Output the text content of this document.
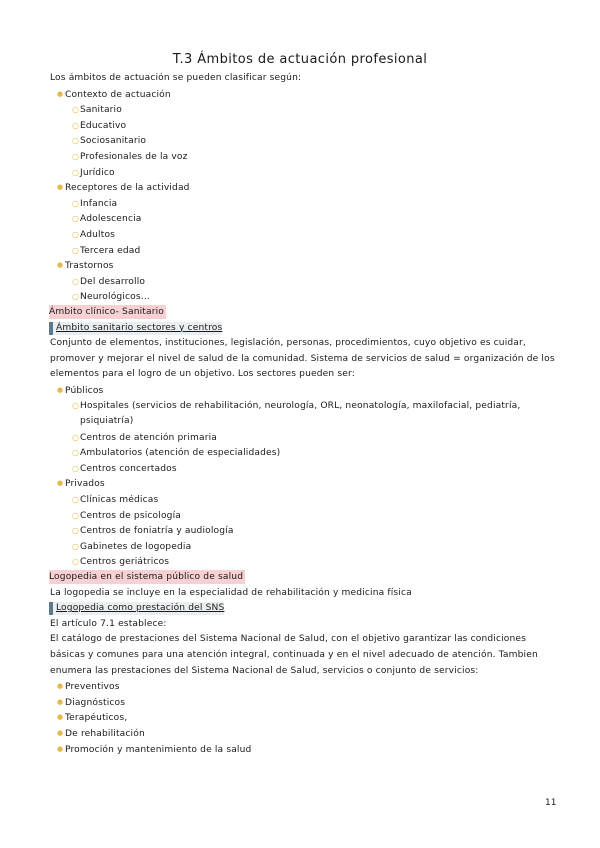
T.3 Ámbitos de actuación profesional
Los ámbitos de actuación se pueden clasificar según:
● Contexto de actuación
○Sanitario
○Educativo
○Sociosanitario
○Profesionales de la voz
○Jurídico
● Receptores de la actividad
○Infancia
○Adolescencia
○Adultos
○Tercera edad
● Trastornos
○Del desarrollo
○Neurológicos…
Ámbito clínico- Sanitario
Ámbito sanitario sectores y centros
Conjunto de elementos, instituciones, legislación, personas, procedimientos, cuyo objetivo es cuidar,
promover y mejorar el nivel de salud de la comunidad. Sistema de servicios de salud = organización de los
elementos para el logro de un objetivo. Los sectores pueden ser:
● Públicos
○Hospitales (servicios de rehabilitación, neurología, ORL, neonatología, maxilofacial, pediatría,
psiquiatría)
○Centros de atención primaria
○Ambulatorios (atención de especialidades)
○Centros concertados
● Privados
○Clínicas médicas
○Centros de psicología
○Centros de foniatría y audiología
○Gabinetes de logopedia
○Centros geriátricos
Logopedia en el sistema público de salud
La logopedia se incluye en la especialidad de rehabilitación y medicina física
Logopedia como prestación del SNS
El artículo 7.1 establece:
El catálogo de prestaciones del Sistema Nacional de Salud, con el objetivo garantizar las condiciones
básicas y comunes para una atención integral, continuada y en el nivel adecuado de atención. Tambien
enumera las prestaciones del Sistema Nacional de Salud, servicios o conjunto de servicios:
● Preventivos
● Diagnósticos
● Terapéuticos,
● De rehabilitación
● Promoción y mantenimiento de la salud
11
